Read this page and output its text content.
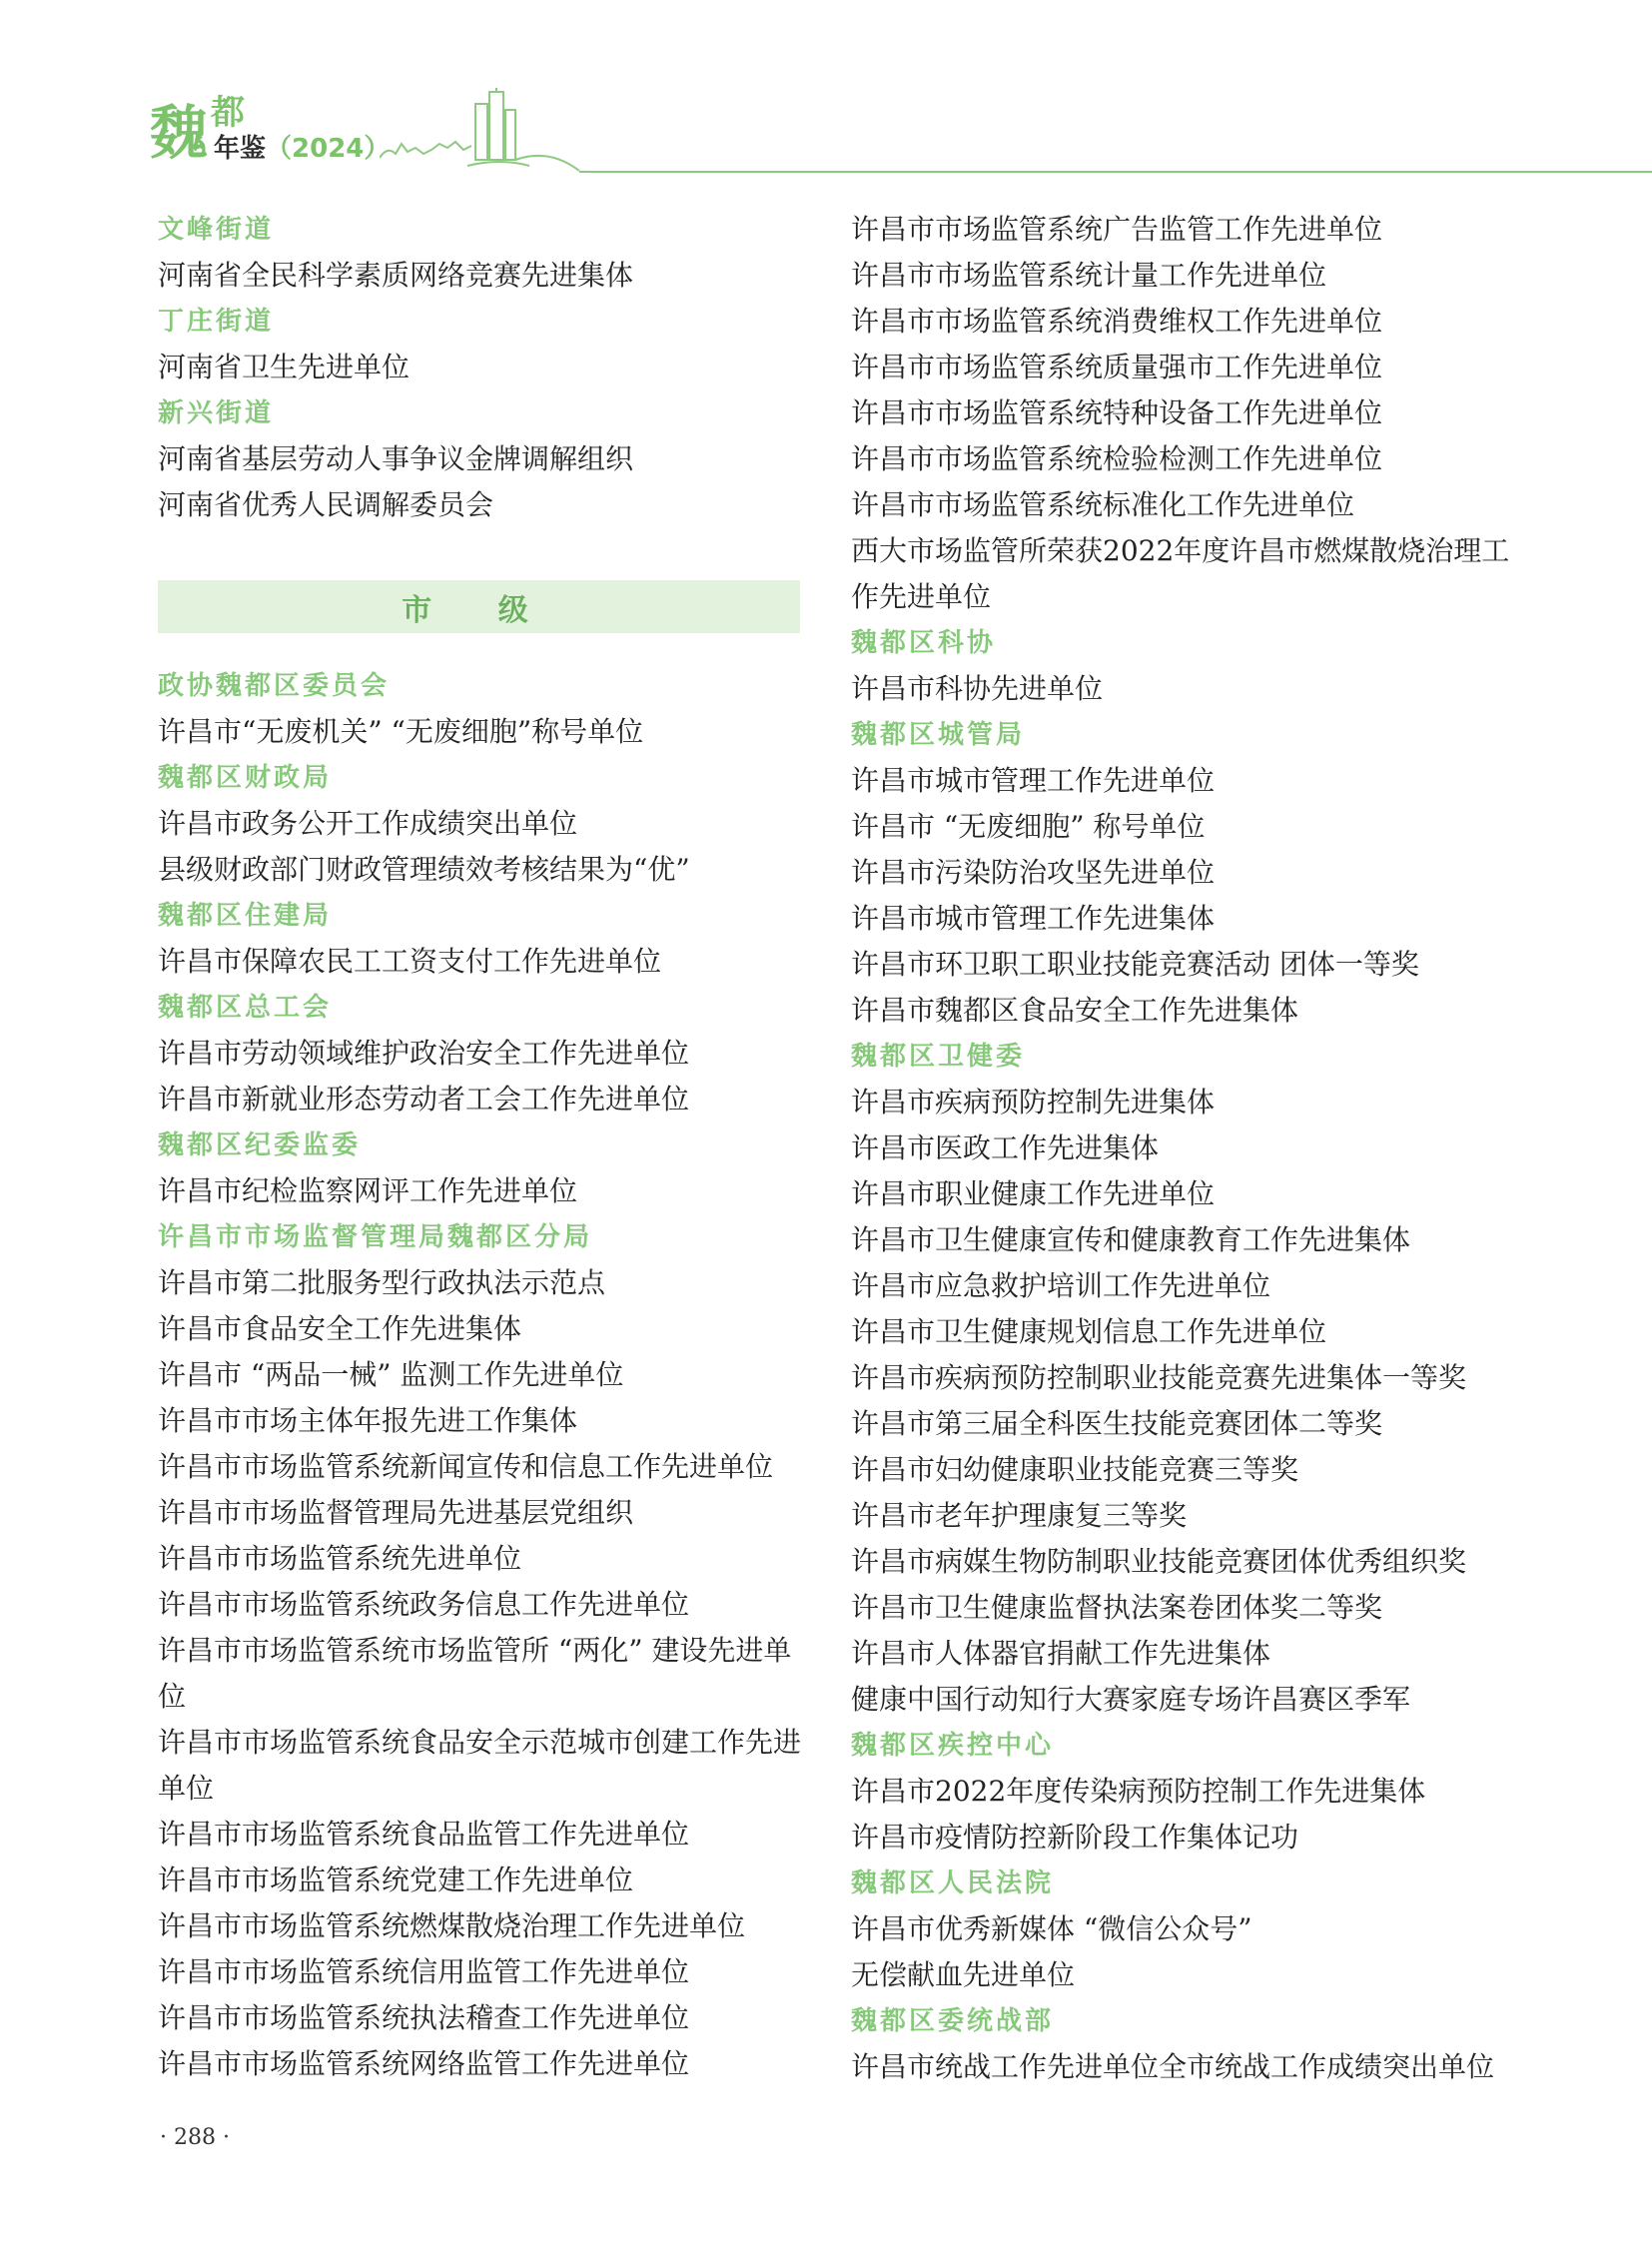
魏 都
年鉴（2024）
文峰街道
河南省全民科学素质网络竞赛先进集体
丁庄街道
河南省卫生先进单位
新兴街道
河南省基层劳动人事争议金牌调解组织
河南省优秀人民调解委员会
市 级
政协魏都区委员会
许昌市“无废机关” “无废细胞”称号单位
魏都区财政局
许昌市政务公开工作成绩突出单位
县级财政部门财政管理绩效考核结果为“优”
魏都区住建局
许昌市保障农民工工资支付工作先进单位
魏都区总工会
许昌市劳动领域维护政治安全工作先进单位
许昌市新就业形态劳动者工会工作先进单位
魏都区纪委监委
许昌市纪检监察网评工作先进单位
许昌市市场监督管理局魏都区分局
许昌市第二批服务型行政执法示范点
许昌市食品安全工作先进集体
许昌市 “两品一械” 监测工作先进单位
许昌市市场主体年报先进工作集体
许昌市市场监管系统新闻宣传和信息工作先进单位
许昌市市场监督管理局先进基层党组织
许昌市市场监管系统先进单位
许昌市市场监管系统政务信息工作先进单位
许昌市市场监管系统市场监管所 “两化” 建设先进单位
许昌市市场监管系统食品安全示范城市创建工作先进单位
许昌市市场监管系统食品监管工作先进单位
许昌市市场监管系统党建工作先进单位
许昌市市场监管系统燃煤散烧治理工作先进单位
许昌市市场监管系统信用监管工作先进单位
许昌市市场监管系统执法稽查工作先进单位
许昌市市场监管系统网络监管工作先进单位
许昌市市场监管系统广告监管工作先进单位
许昌市市场监管系统计量工作先进单位
许昌市市场监管系统消费维权工作先进单位
许昌市市场监管系统质量强市工作先进单位
许昌市市场监管系统特种设备工作先进单位
许昌市市场监管系统检验检测工作先进单位
许昌市市场监管系统标准化工作先进单位
西大市场监管所荣获2022年度许昌市燃煤散烧治理工作先进单位
魏都区科协
许昌市科协先进单位
魏都区城管局
许昌市城市管理工作先进单位
许昌市 “无废细胞” 称号单位
许昌市污染防治攻坚先进单位
许昌市城市管理工作先进集体
许昌市环卫职工职业技能竞赛活动 团体一等奖
许昌市魏都区食品安全工作先进集体
魏都区卫健委
许昌市疾病预防控制先进集体
许昌市医政工作先进集体
许昌市职业健康工作先进单位
许昌市卫生健康宣传和健康教育工作先进集体
许昌市应急救护培训工作先进单位
许昌市卫生健康规划信息工作先进单位
许昌市疾病预防控制职业技能竞赛先进集体一等奖
许昌市第三届全科医生技能竞赛团体二等奖
许昌市妇幼健康职业技能竞赛三等奖
许昌市老年护理康复三等奖
许昌市病媒生物防制职业技能竞赛团体优秀组织奖
许昌市卫生健康监督执法案卷团体奖二等奖
许昌市人体器官捐献工作先进集体
健康中国行动知行大赛家庭专场许昌赛区季军
魏都区疾控中心
许昌市2022年度传染病预防控制工作先进集体
许昌市疫情防控新阶段工作集体记功
魏都区人民法院
许昌市优秀新媒体 “微信公众号”
无偿献血先进单位
魏都区委统战部
许昌市统战工作先进单位全市统战工作成绩突出单位
· 288 ·
